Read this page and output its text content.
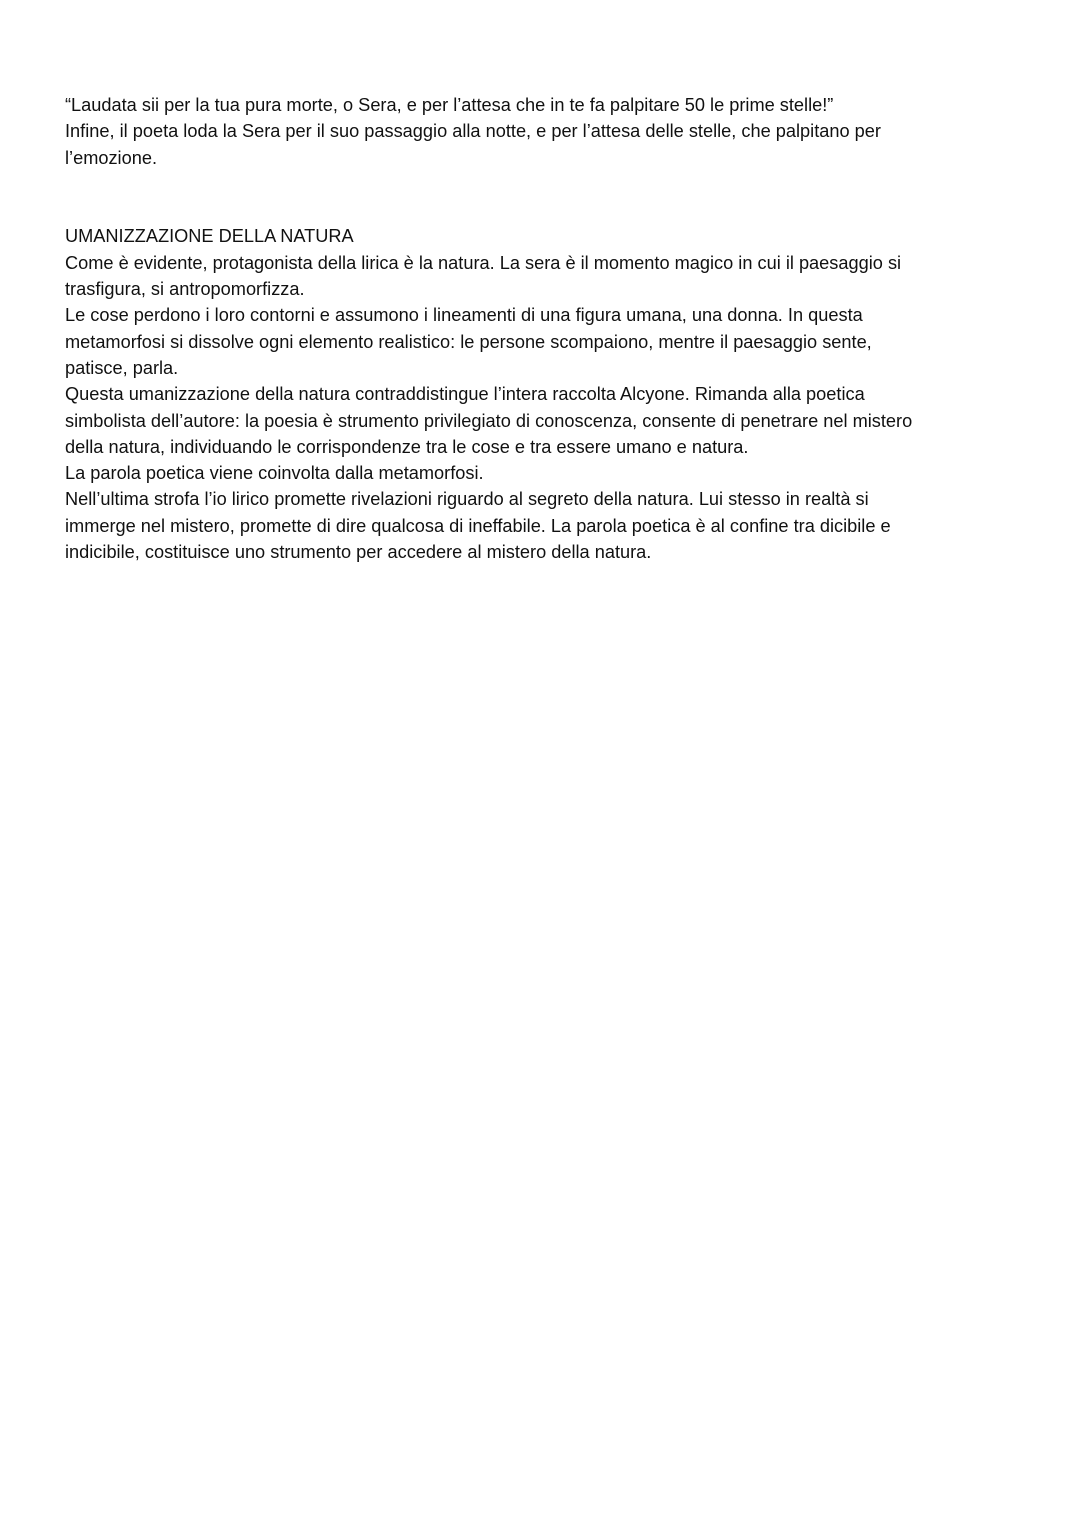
“Laudata sii per la tua pura morte, o Sera, e per l’attesa che in te fa palpitare 50 le prime stelle!”
Infine, il poeta loda la Sera per il suo passaggio alla notte, e per l’attesa delle stelle, che palpitano per
l’emozione.
UMANIZZAZIONE DELLA NATURA
Come è evidente, protagonista della lirica è la natura. La sera è il momento magico in cui il paesaggio si
trasfigura, si antropomorfizza.
Le cose perdono i loro contorni e assumono i lineamenti di una figura umana, una donna. In questa
metamorfosi si dissolve ogni elemento realistico: le persone scompaiono, mentre il paesaggio sente,
patisce, parla.
Questa umanizzazione della natura contraddistingue l’intera raccolta Alcyone. Rimanda alla poetica
simbolista dell’autore: la poesia è strumento privilegiato di conoscenza, consente di penetrare nel mistero
della natura, individuando le corrispondenze tra le cose e tra essere umano e natura.
La parola poetica viene coinvolta dalla metamorfosi.
Nell’ultima strofa l’io lirico promette rivelazioni riguardo al segreto della natura. Lui stesso in realtà si
immerge nel mistero, promette di dire qualcosa di ineffabile. La parola poetica è al confine tra dicibile e
indicibile, costituisce uno strumento per accedere al mistero della natura.
